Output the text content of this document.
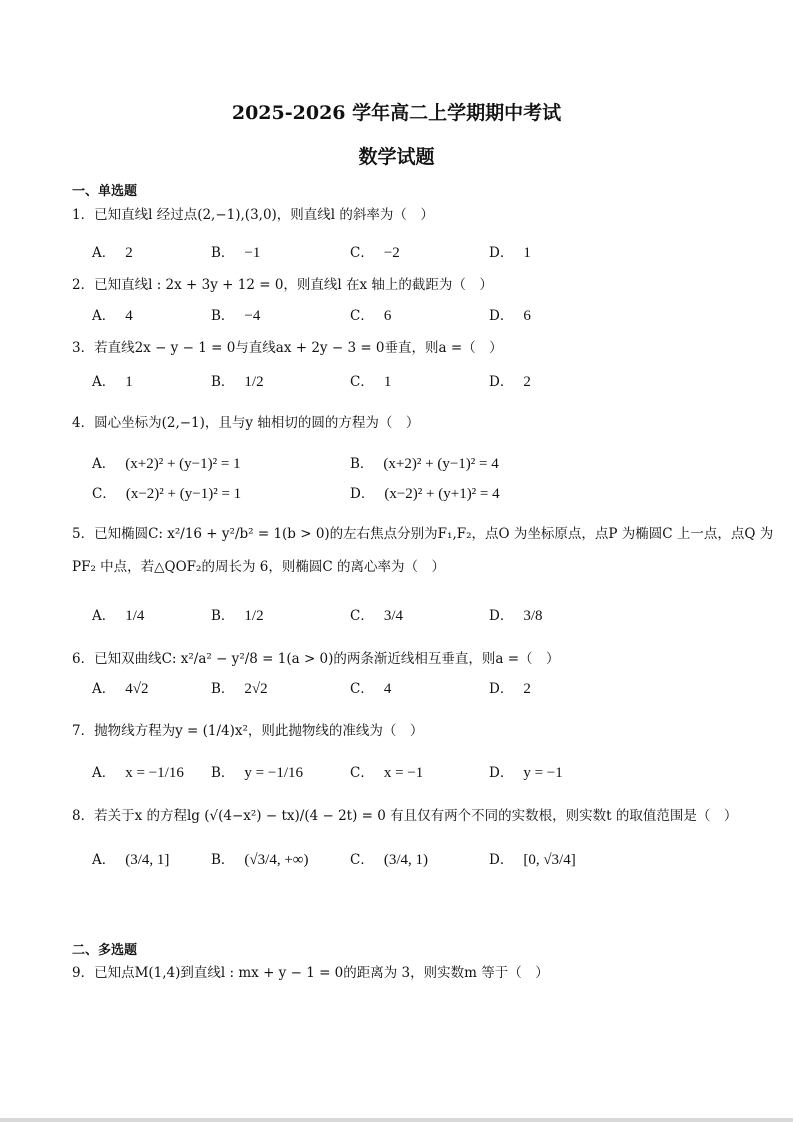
2025-2026 学年高二上学期期中考试
数学试题
一、单选题
1．已知直线l 经过点(2,−1),(3,0)，则直线l 的斜率为（　）
A． 2	B． −1	C． −2	D． 1
2．已知直线l : 2x + 3y + 12 = 0，则直线l 在x 轴上的截距为（　）
A． 4	B． −4	C． 6	D． 6
3．若直线2x − y − 1 = 0与直线ax + 2y − 3 = 0垂直，则a =（　）
A． 1	B． 1/2	C． 1	D． 2
4．圆心坐标为(2,−1)，且与y 轴相切的圆的方程为（　）
A． (x+2)² + (y−1)² = 1	B． (x+2)² + (y−1)² = 4
C． (x−2)² + (y−1)² = 1	D． (x−2)² + (y+1)² = 4
5．已知椭圆C: x²/16 + y²/b² = 1(b > 0)的左右焦点分别为F₁,F₂，点O 为坐标原点，点P 为椭圆C 上一点，点Q 为
PF₂ 中点，若△QOF₂的周长为 6，则椭圆C 的离心率为（　）
A． 1/4	B． 1/2	C． 3/4	D． 3/8
6．已知双曲线C: x²/a² − y²/8 = 1(a > 0)的两条渐近线相互垂直，则a =（　）
A． 4√2	B． 2√2	C． 4	D． 2
7．抛物线方程为y = (1/4)x²，则此抛物线的准线为（　）
A． x = −1/16 B． y = −1/16	C． x = −1	D． y = −1
8．若关于x 的方程lg (√(4−x²) − tx)/(4 − 2t) = 0 有且仅有两个不同的实数根，则实数t 的取值范围是（　）
A． (3/4, 1]	B． (√3/4, +∞)	C． (3/4, 1)	D． [0, √3/4]
二、多选题
9．已知点M(1,4)到直线l : mx + y − 1 = 0的距离为 3，则实数m 等于（　）
